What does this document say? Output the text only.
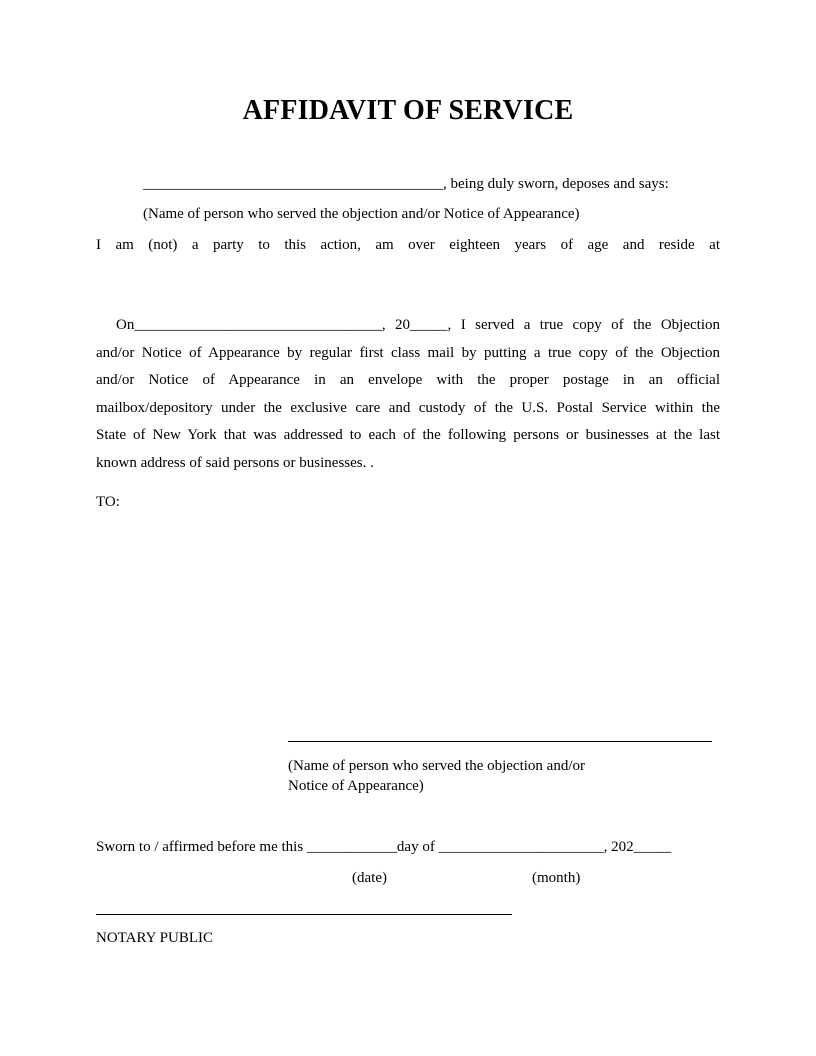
AFFIDAVIT OF SERVICE
________________________________________, being duly sworn, deposes and says:
(Name of person who served the objection and/or Notice of Appearance)
I am (not) a party to this action, am over eighteen years of age and reside at
On_________________________________, 20_____, I served a true copy of the Objection
and/or Notice of Appearance by regular first class mail by putting a true copy of the Objection
and/or Notice of Appearance in an envelope with the proper postage in an official
mailbox/depository under the exclusive care and custody of the U.S. Postal Service within the
State of New York that was addressed to each of the following persons or businesses at the last
known address of said persons or businesses. .
TO:
(Name of person who served the objection and/or
Notice of Appearance)
Sworn to / affirmed before me this ____________day of ______________________, 202_____
(date)	(month)
NOTARY PUBLIC
